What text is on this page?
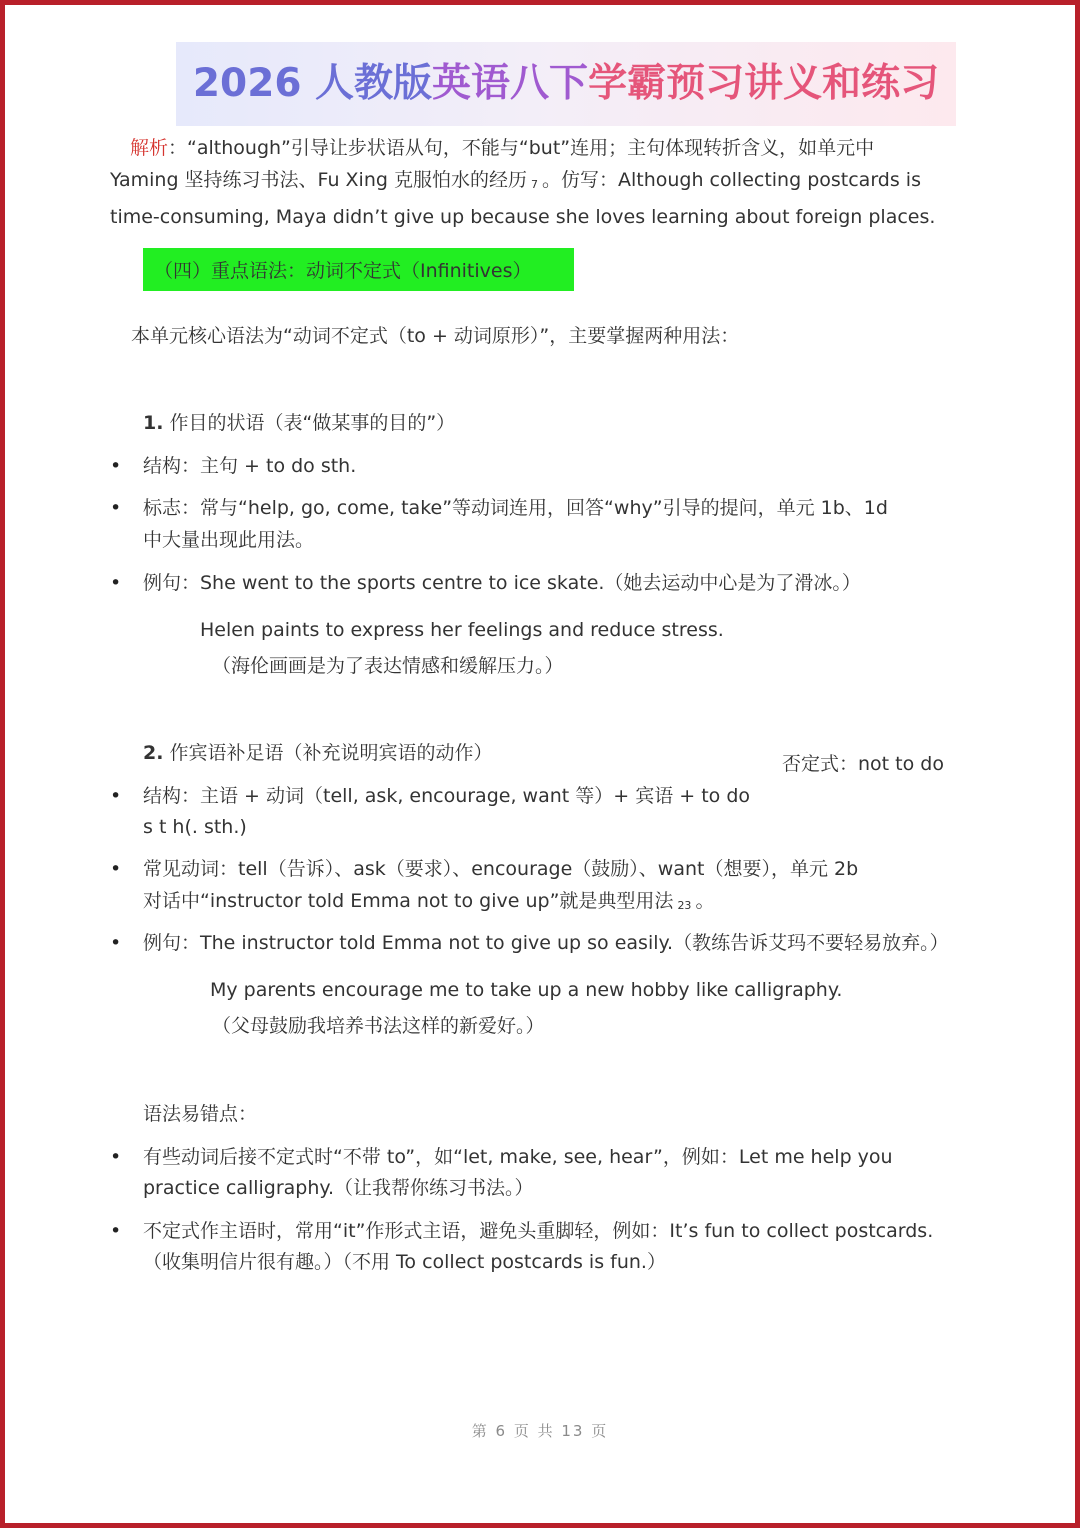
2026 人教版英语八下学霸预习讲义和练习
解析：“although”引导让步状语从句，不能与“but”连用；主句体现转折含义，如单元中
Yaming 坚持练习书法、Fu Xing 克服怕水的经历 7 。仿写：Although collecting postcards is
time-consuming, Maya didn’t give up because she loves learning about foreign places.
（四）重点语法：动词不定式（Infinitives）
本单元核心语法为“动词不定式（to + 动词原形）”，主要掌握两种用法：
1. 作目的状语（表“做某事的目的”）
• 结构：主句 + to do sth.
• 标志：常与“help, go, come, take”等动词连用，回答“why”引导的提问，单元 1b、1d
中大量出现此用法。
• 例句：She went to the sports centre to ice skate.（她去运动中心是为了滑冰。）
Helen paints to express her feelings and reduce stress.
（海伦画画是为了表达情感和缓解压力。）
2. 作宾语补足语（补充说明宾语的动作）	否定式：not to do
• 结构：主语 + 动词（tell, ask, encourage, want 等）+ 宾语 + to do
s t h(. sth.)
• 常见动词：tell（告诉）、ask（要求）、encourage（鼓励）、want（想要），单元 2b
对话中“instructor told Emma not to give up”就是典型用法 23 。
• 例句：The instructor told Emma not to give up so easily.（教练告诉艾玛不要轻易放弃。）
My parents encourage me to take up a new hobby like calligraphy.
（父母鼓励我培养书法这样的新爱好。）
语法易错点：
• 有些动词后接不定式时“不带 to”，如“let, make, see, hear”，例如：Let me help you
practice calligraphy.（让我帮你练习书法。）
• 不定式作主语时，常用“it”作形式主语，避免头重脚轻，例如：It’s fun to collect postcards.
（收集明信片很有趣。）（不用 To collect postcards is fun.）
第 6 页 共 13 页
